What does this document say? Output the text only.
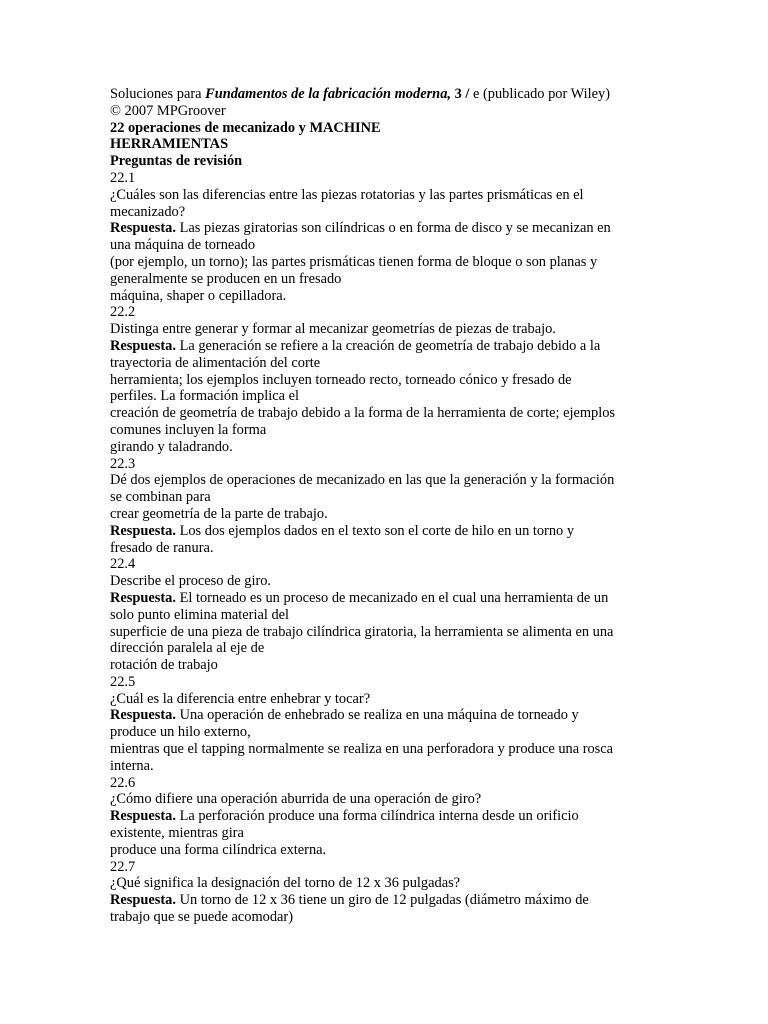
Soluciones para Fundamentos de la fabricación moderna, 3 / e (publicado por Wiley)
© 2007 MPGroover
22 operaciones de mecanizado y MACHINE
HERRAMIENTAS
Preguntas de revisión
22.1
¿Cuáles son las diferencias entre las piezas rotatorias y las partes prismáticas en el
mecanizado?
Respuesta. Las piezas giratorias son cilíndricas o en forma de disco y se mecanizan en
una máquina de torneado
(por ejemplo, un torno); las partes prismáticas tienen forma de bloque o son planas y
generalmente se producen en un fresado
máquina, shaper o cepilladora.
22.2
Distinga entre generar y formar al mecanizar geometrías de piezas de trabajo.
Respuesta. La generación se refiere a la creación de geometría de trabajo debido a la
trayectoria de alimentación del corte
herramienta; los ejemplos incluyen torneado recto, torneado cónico y fresado de
perfiles. La formación implica el
creación de geometría de trabajo debido a la forma de la herramienta de corte; ejemplos
comunes incluyen la forma
girando y taladrando.
22.3
Dé dos ejemplos de operaciones de mecanizado en las que la generación y la formación
se combinan para
crear geometría de la parte de trabajo.
Respuesta. Los dos ejemplos dados en el texto son el corte de hilo en un torno y
fresado de ranura.
22.4
Describe el proceso de giro.
Respuesta. El torneado es un proceso de mecanizado en el cual una herramienta de un
solo punto elimina material del
superficie de una pieza de trabajo cilíndrica giratoria, la herramienta se alimenta en una
dirección paralela al eje de
rotación de trabajo
22.5
¿Cuál es la diferencia entre enhebrar y tocar?
Respuesta. Una operación de enhebrado se realiza en una máquina de torneado y
produce un hilo externo,
mientras que el tapping normalmente se realiza en una perforadora y produce una rosca
interna.
22.6
¿Cómo difiere una operación aburrida de una operación de giro?
Respuesta. La perforación produce una forma cilíndrica interna desde un orificio
existente, mientras gira
produce una forma cilíndrica externa.
22.7
¿Qué significa la designación del torno de 12 x 36 pulgadas?
Respuesta. Un torno de 12 x 36 tiene un giro de 12 pulgadas (diámetro máximo de
trabajo que se puede acomodar)
